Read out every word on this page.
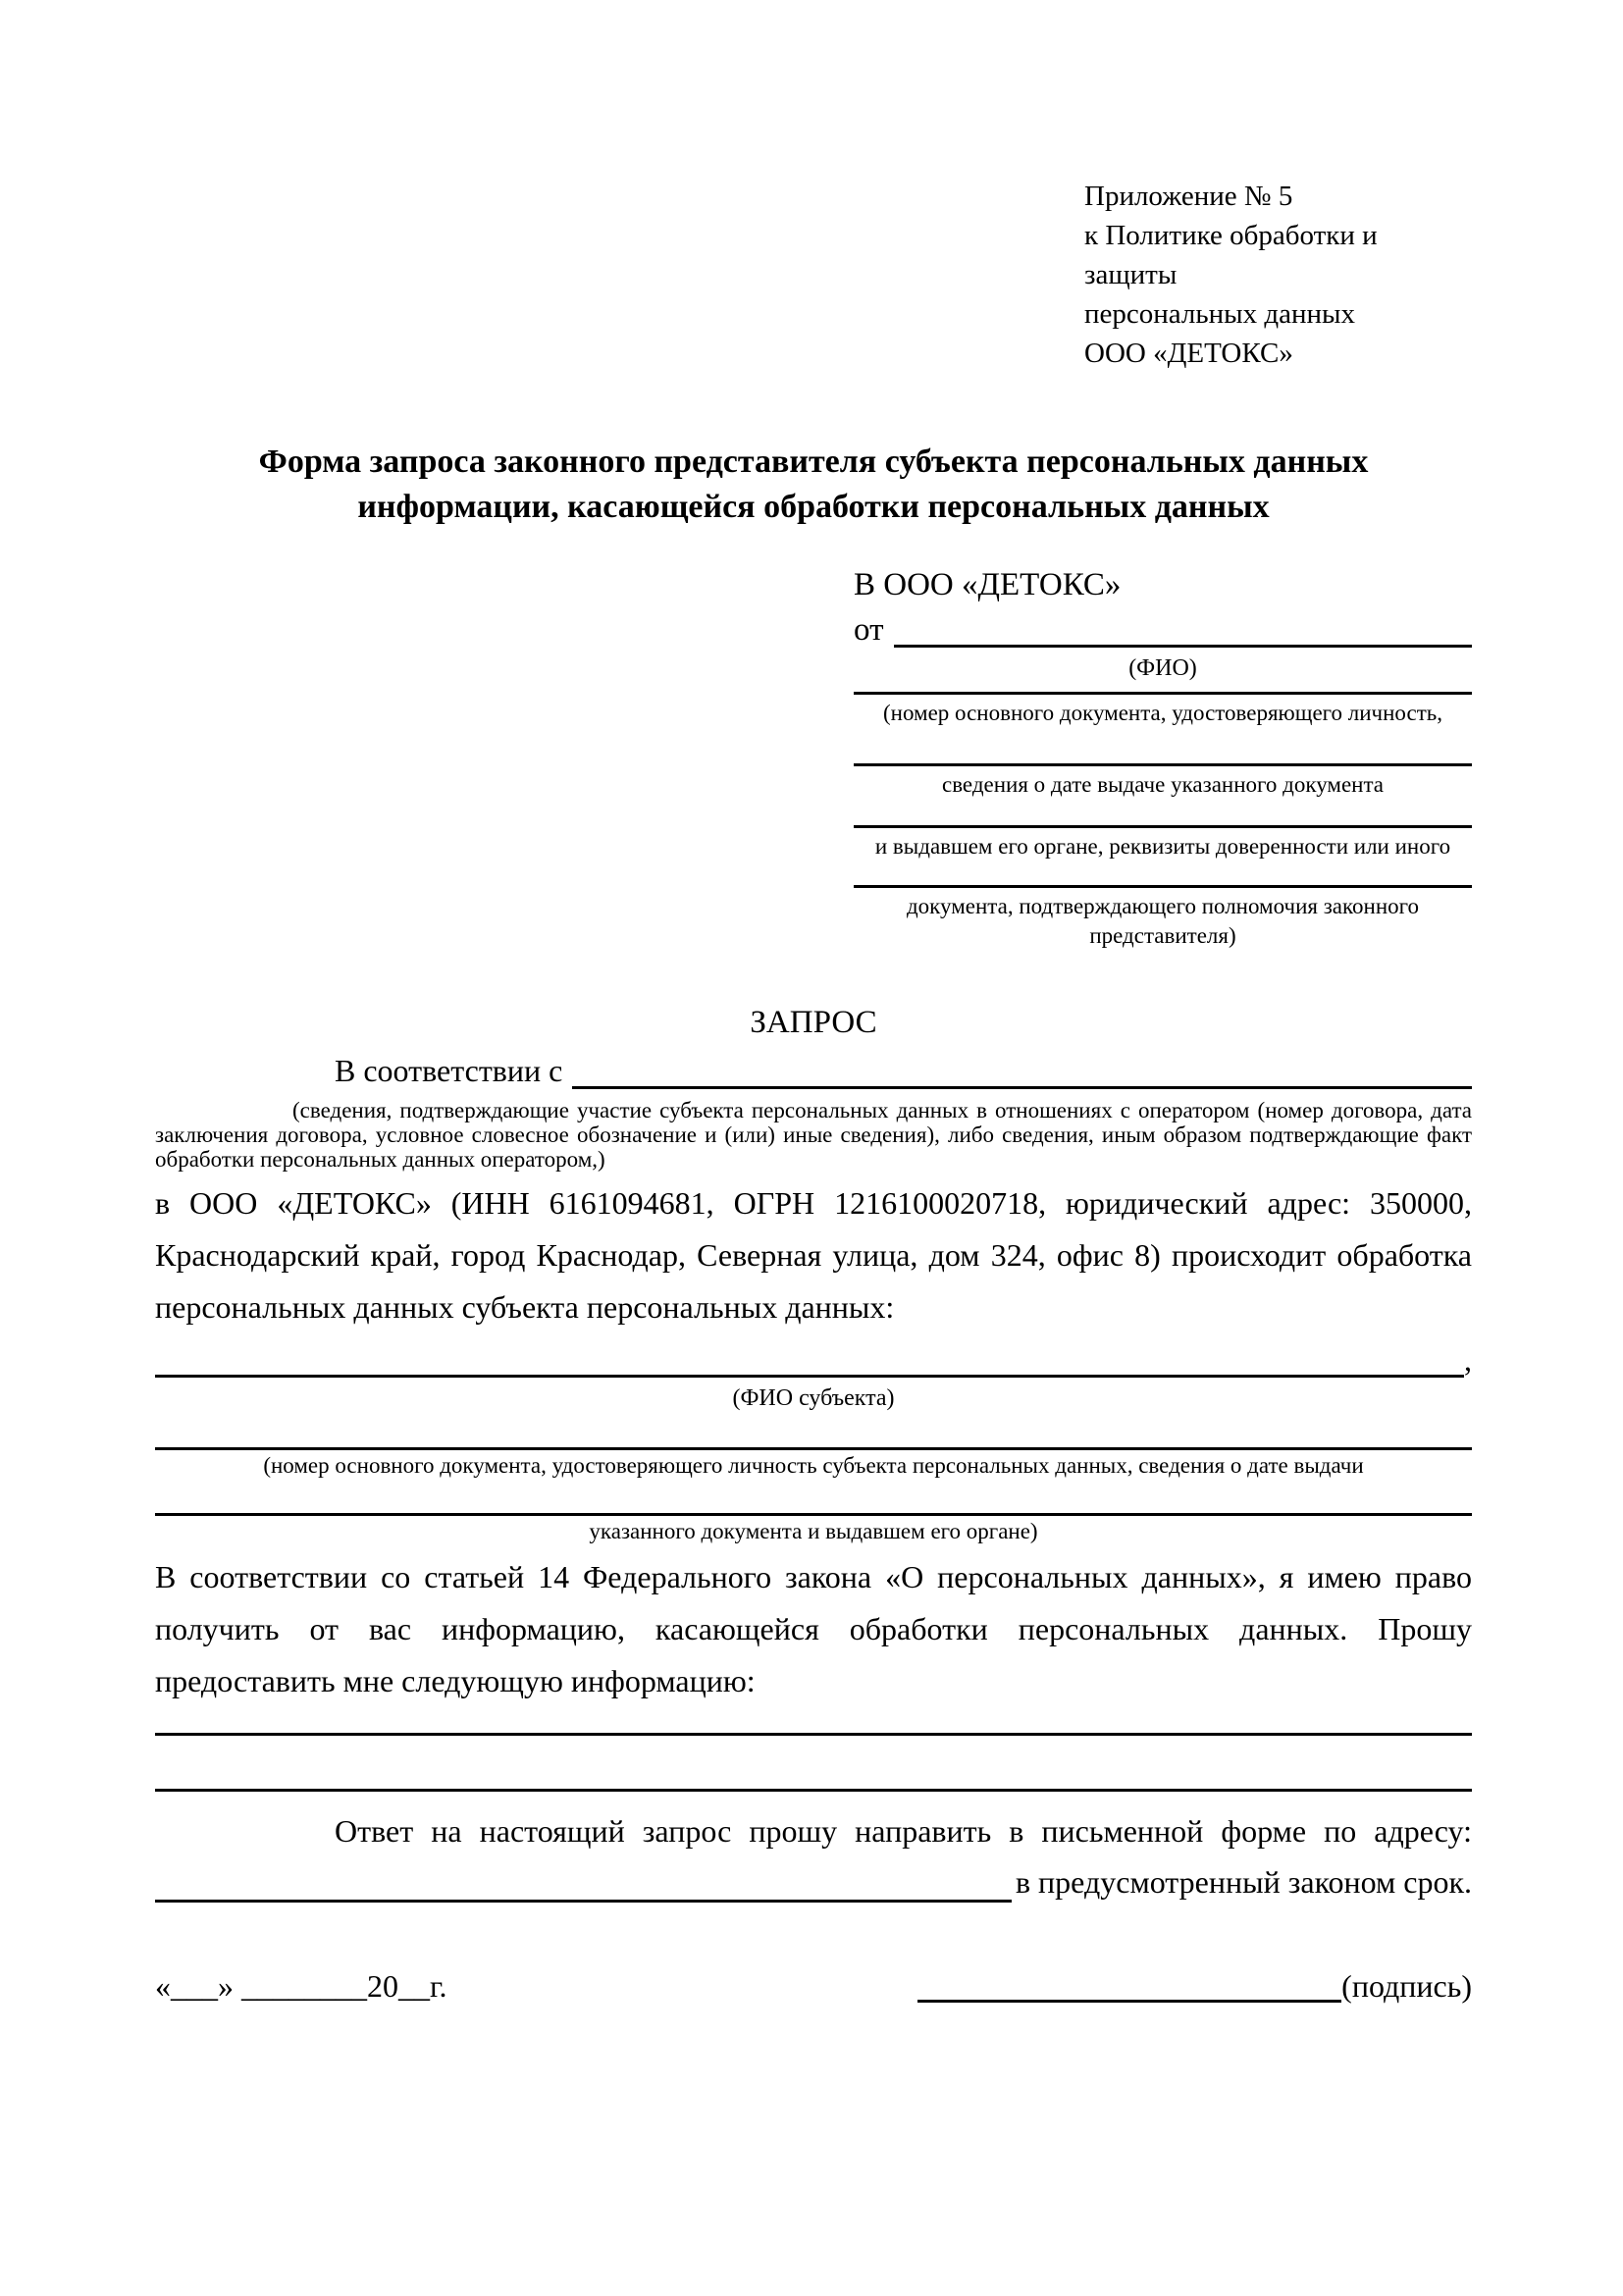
Приложение № 5
к Политике обработки и защиты
персональных данных
ООО «ДЕТОКС»
Форма запроса законного представителя субъекта персональных данных
информации, касающейся обработки персональных данных
В ООО «ДЕТОКС»
от
(ФИО)
(номер основного документа, удостоверяющего личность,
сведения о дате выдаче указанного документа
и выдавшем его органе, реквизиты доверенности или иного
документа, подтверждающего полномочия законного представителя)
ЗАПРОС
В соответствии с
(сведения, подтверждающие участие субъекта персональных данных в отношениях с оператором (номер договора, дата заключения договора, условное словесное обозначение и (или) иные сведения), либо сведения, иным образом подтверждающие факт обработки персональных данных оператором,)

в ООО «ДЕТОКС» (ИНН 6161094681, ОГРН 1216100020718, юридический адрес: 350000, Краснодарский край, город Краснодар, Северная улица, дом 324, офис 8) происходит обработка персональных данных субъекта персональных данных:

,
(ФИО субъекта)
(номер основного документа, удостоверяющего личность субъекта персональных данных, сведения о дате выдачи
указанного документа и выдавшем его органе)

В соответствии со статьей 14 Федерального закона «О персональных данных», я имею право получить от вас информацию, касающейся обработки персональных данных. Прошу предоставить мне следующую информацию:

Ответ на настоящий запрос прошу направить в письменной форме по адресу:

в предусмотренный законом срок.
«___» ________20__г.	(подпись)
